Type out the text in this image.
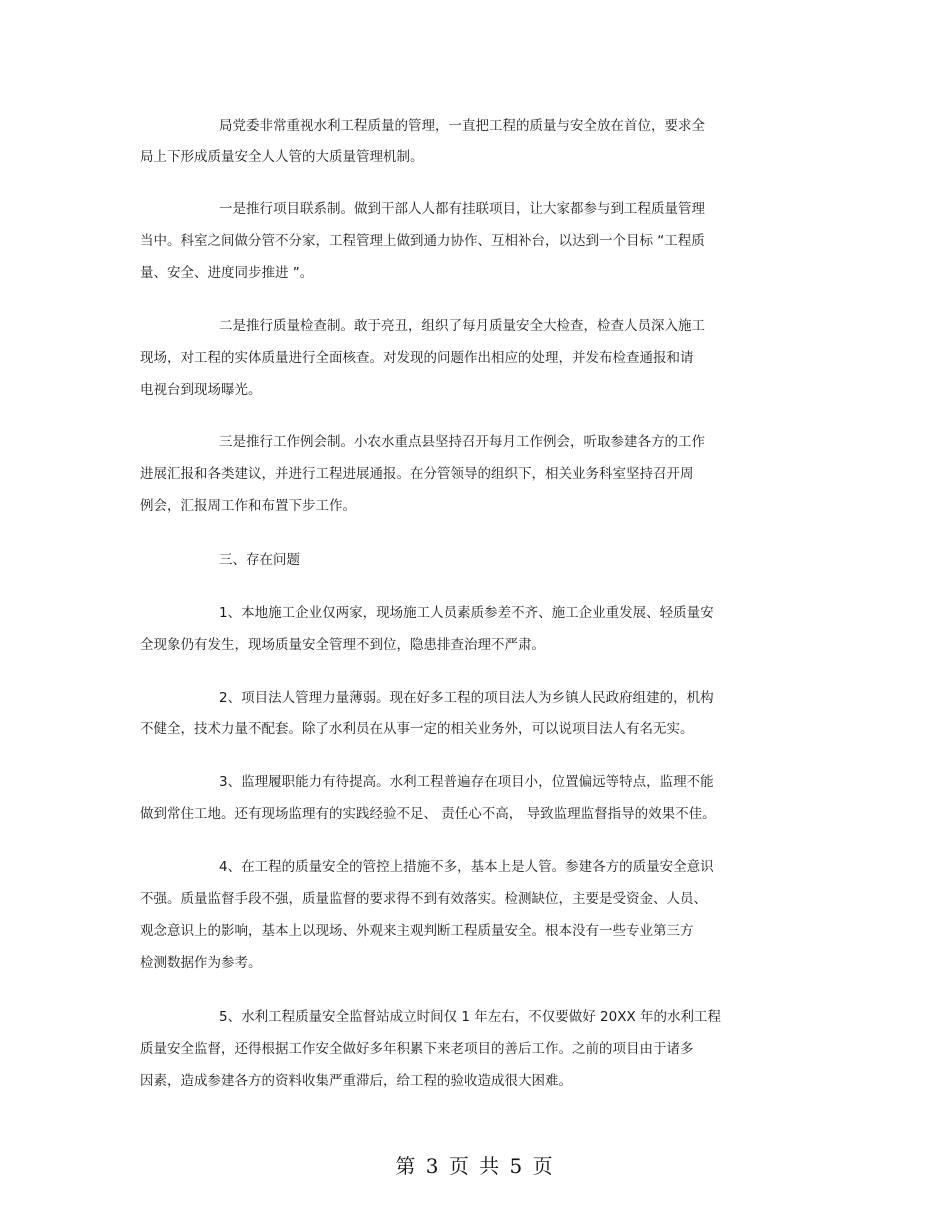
局党委非常重视水利工程质量的管理，一直把工程的质量与安全放在首位，要求全
局上下形成质量安全人人管的大质量管理机制。
一是推行项目联系制。做到干部人人都有挂联项目，让大家都参与到工程质量管理
当中。科室之间做分管不分家，工程管理上做到通力协作、互相补台，以达到一个目标 “工程质
量、安全、进度同步推进 ”。
二是推行质量检查制。敢于亮丑，组织了每月质量安全大检查，检查人员深入施工
现场，对工程的实体质量进行全面核查。对发现的问题作出相应的处理，并发布检查通报和请
电视台到现场曝光。
三是推行工作例会制。小农水重点县坚持召开每月工作例会，听取参建各方的工作
进展汇报和各类建议，并进行工程进展通报。在分管领导的组织下，相关业务科室坚持召开周
例会，汇报周工作和布置下步工作。
三、存在问题
1、本地施工企业仅两家，现场施工人员素质参差不齐、施工企业重发展、轻质量安
全现象仍有发生，现场质量安全管理不到位，隐患排查治理不严肃。
2、项目法人管理力量薄弱。现在好多工程的项目法人为乡镇人民政府组建的，机构
不健全，技术力量不配套。除了水利员在从事一定的相关业务外，可以说项目法人有名无实。
3、监理履职能力有待提高。水利工程普遍存在项目小，位置偏远等特点，监理不能
做到常住工地。还有现场监理有的实践经验不足、 责任心不高， 导致监理监督指导的效果不佳。
4、在工程的质量安全的管控上措施不多，基本上是人管。参建各方的质量安全意识
不强。质量监督手段不强，质量监督的要求得不到有效落实。检测缺位，主要是受资金、人员、
观念意识上的影响，基本上以现场、外观来主观判断工程质量安全。根本没有一些专业第三方
检测数据作为参考。
5、水利工程质量安全监督站成立时间仅 1 年左右，不仅要做好 20XX 年的水利工程
质量安全监督，还得根据工作安全做好多年积累下来老项目的善后工作。之前的项目由于诸多
因素，造成参建各方的资料收集严重滞后，给工程的验收造成很大困难。
第 3 页 共 5 页
